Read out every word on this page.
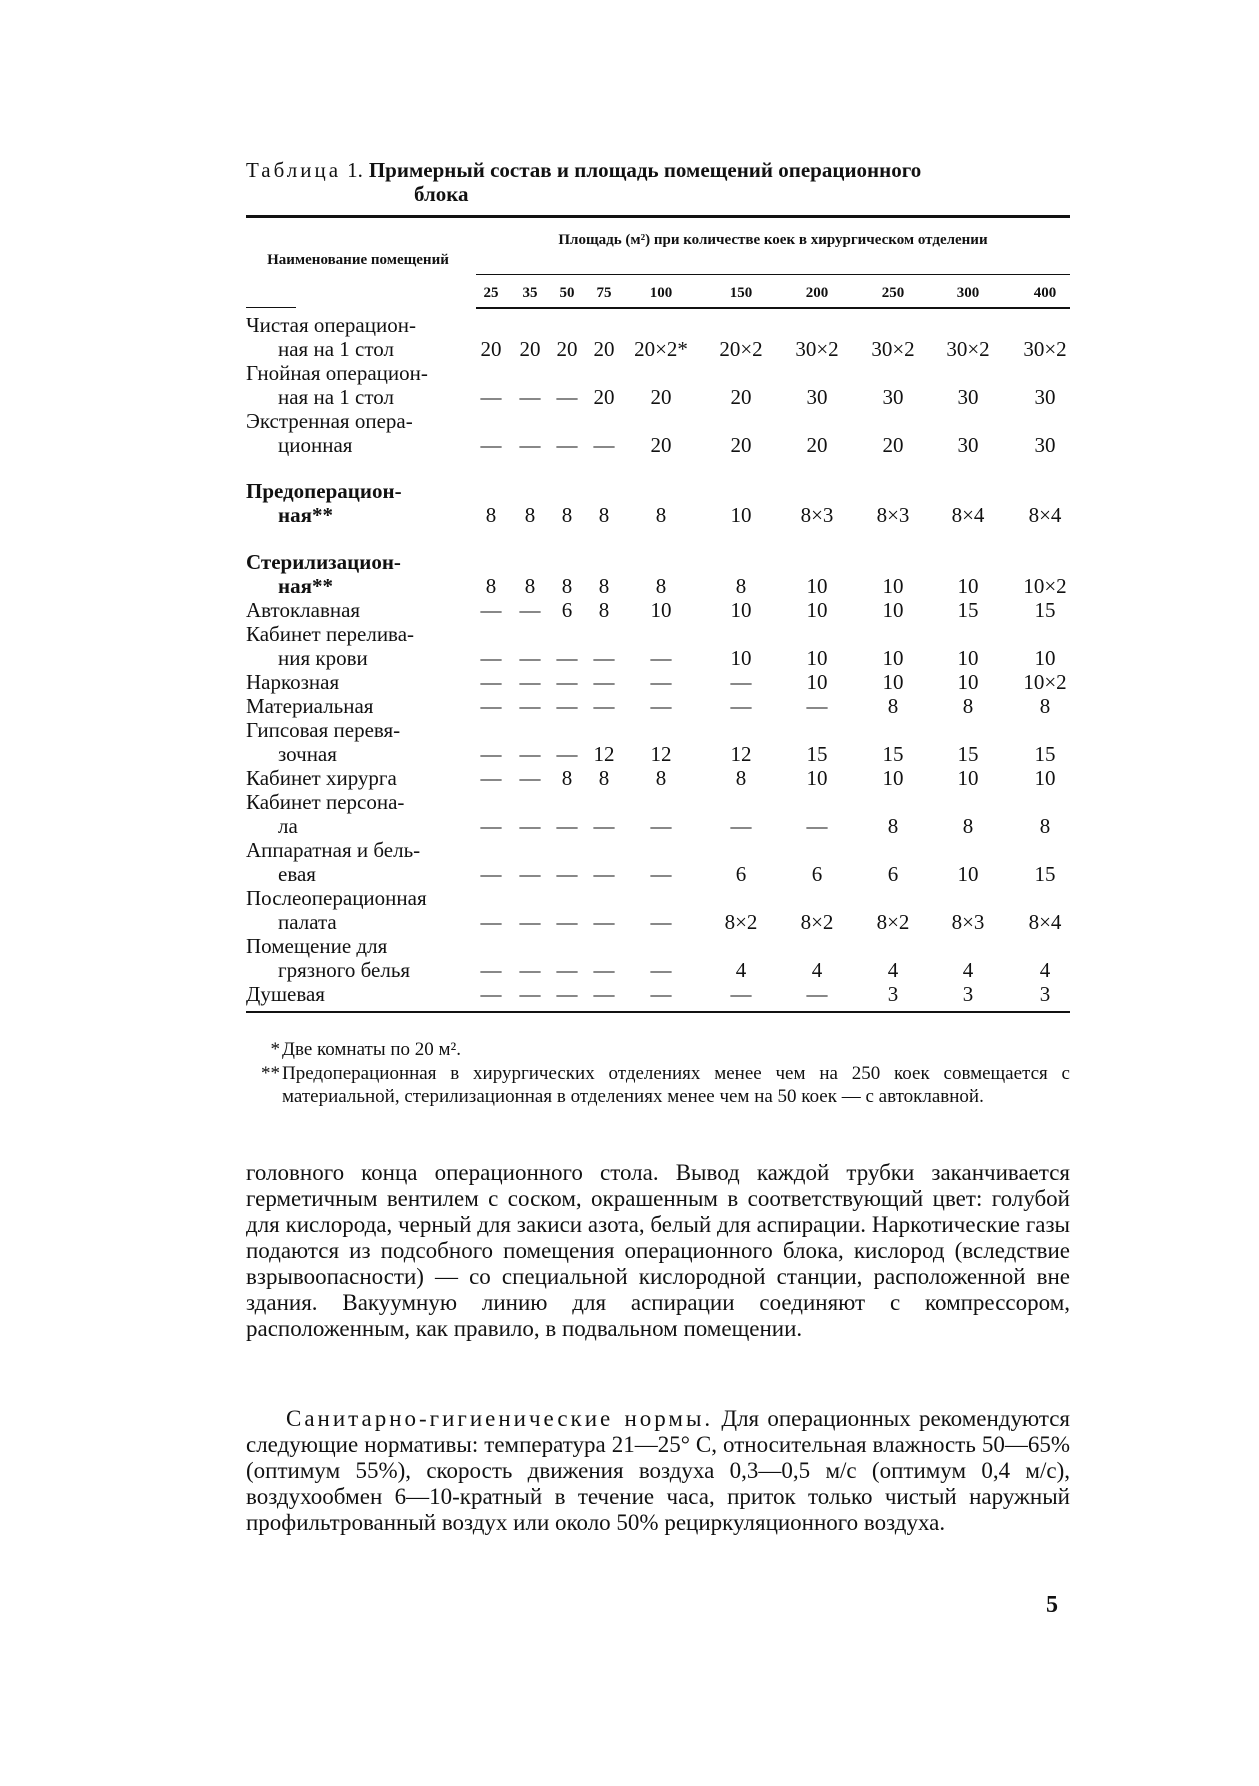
Таблица 1. Примерный состав и площадь помещений операционного
блока
Наименование помещений
Площадь (м²) при количестве коек в хирургическом отделении
25 35 50 75	100	150	200	250	300	400
Чистая операцион-
ная на 1 стол	20 20 20 20 20×2* 20×2 30×2 30×2 30×2 30×2
Гнойная операцион-
ная на 1 стол	— — — 20 20	20	30	30	30	30
Экстренная опера-
ционная	— — — — 20	20	20	20	30	30
Предоперацион-
ная**	8 8 8 8 8	10 8×3 8×3 8×4 8×4
Стерилизацион-
ная**	8 8 8 8 8	8	10	10	10 10×2
Автоклавная	— — 6 8 10	10	10	10	15	15
Кабинет перелива-
ния крови	— — — — —	10	10	10	10	10
Наркозная	— — — — —	—	10	10	10 10×2
Материальная	— — — — —	—	—	8	8	8
Гипсовая перевя-
зочная	— — — 12 12	12	15	15	15	15
Кабинет хирурга	— — 8 8 8	8	10	10	10	10
Кабинет персона-
ла	— — — — —	—	—	8	8	8
Аппаратная и бель-
евая	— — — — —	6	6	6	10	15
Послеоперационная
палата	— — — — —	8×2 8×2 8×2 8×3 8×4
Помещение для
грязного белья	— — — — —	4	4	4	4	4
Душевая	— — — — —	—	—	3	3	3
* Две комнаты по 20 м².
** Предоперационная в хирургических отделениях менее чем на 250 коек совмещается с материальной, стерилизационная в отделениях менее чем на 50 коек — с автоклавной.
головного конца операционного стола. Вывод каждой трубки заканчивается герметичным вентилем с соском, окрашенным в соответствующий цвет: голубой для кислорода, черный для закиси азота, белый для аспирации. Наркотические газы подаются из подсобного помещения операционного блока, кислород (вследствие взрывоопасности) — со специальной кислородной станции, расположенной вне здания. Вакуумную линию для аспирации соединяют с компрессором, расположенным, как правило, в подвальном помещении.
Санитарно-гигиенические нормы. Для операционных рекомендуются следующие нормативы: температура 21—25° С, относительная влажность 50—65% (оптимум 55%), скорость движения воздуха 0,3—0,5 м/с (оптимум 0,4 м/с), воздухообмен 6—10-кратный в течение часа, приток только чистый наружный профильтрованный воздух или около 50% рециркуляционного воздуха.
5
